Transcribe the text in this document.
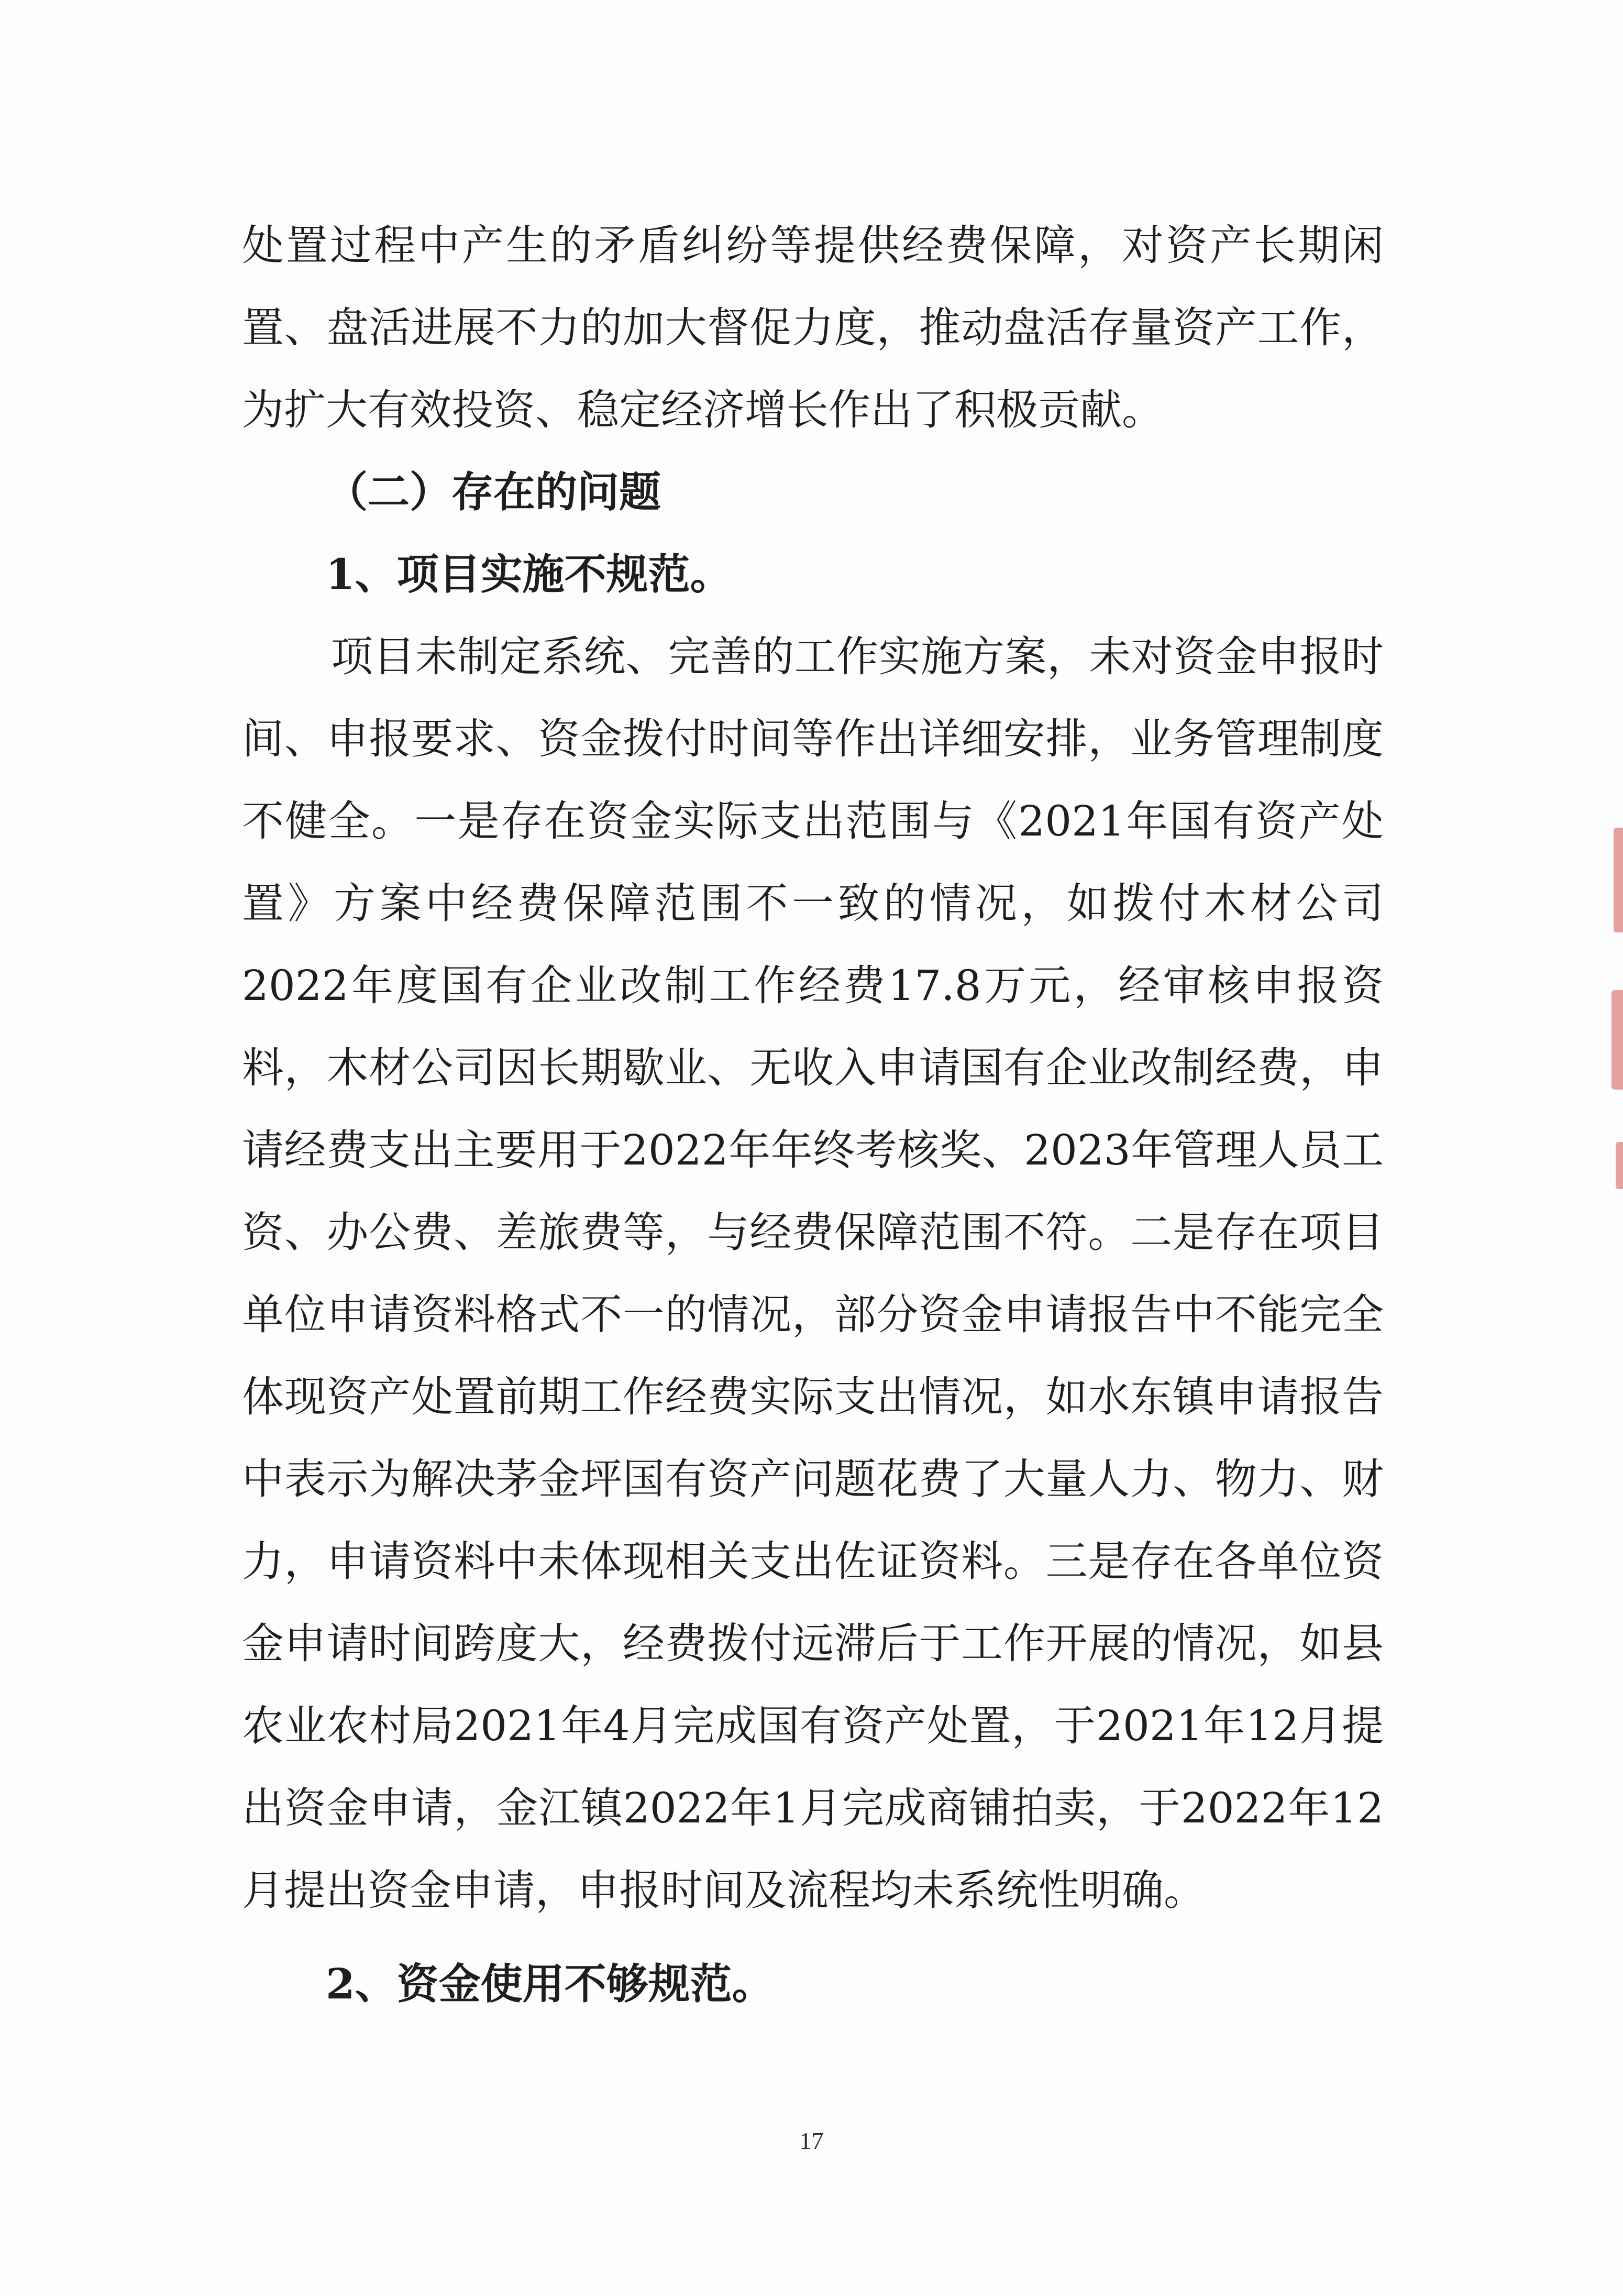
处置过程中产生的矛盾纠纷等提供经费保障，对资产长期闲置、盘活进展不力的加大督促力度，推动盘活存量资产工作，为扩大有效投资、稳定经济增长作出了积极贡献。

（二）存在的问题

1、项目实施不规范。

项目未制定系统、完善的工作实施方案，未对资金申报时间、申报要求、资金拨付时间等作出详细安排，业务管理制度不健全。一是存在资金实际支出范围与《2021年国有资产处置》方案中经费保障范围不一致的情况，如拨付木材公司2022年度国有企业改制工作经费17.8万元，经审核申报资料，木材公司因长期歇业、无收入申请国有企业改制经费，申请经费支出主要用于2022年年终考核奖、2023年管理人员工资、办公费、差旅费等，与经费保障范围不符。二是存在项目单位申请资料格式不一的情况，部分资金申请报告中不能完全体现资产处置前期工作经费实际支出情况，如水东镇申请报告中表示为解决茅金坪国有资产问题花费了大量人力、物力、财力，申请资料中未体现相关支出佐证资料。三是存在各单位资金申请时间跨度大，经费拨付远滞后于工作开展的情况，如县农业农村局2021年4月完成国有资产处置，于2021年12月提出资金申请，金江镇2022年1月完成商铺拍卖，于2022年12月提出资金申请，申报时间及流程均未系统性明确。

2、资金使用不够规范。

17
